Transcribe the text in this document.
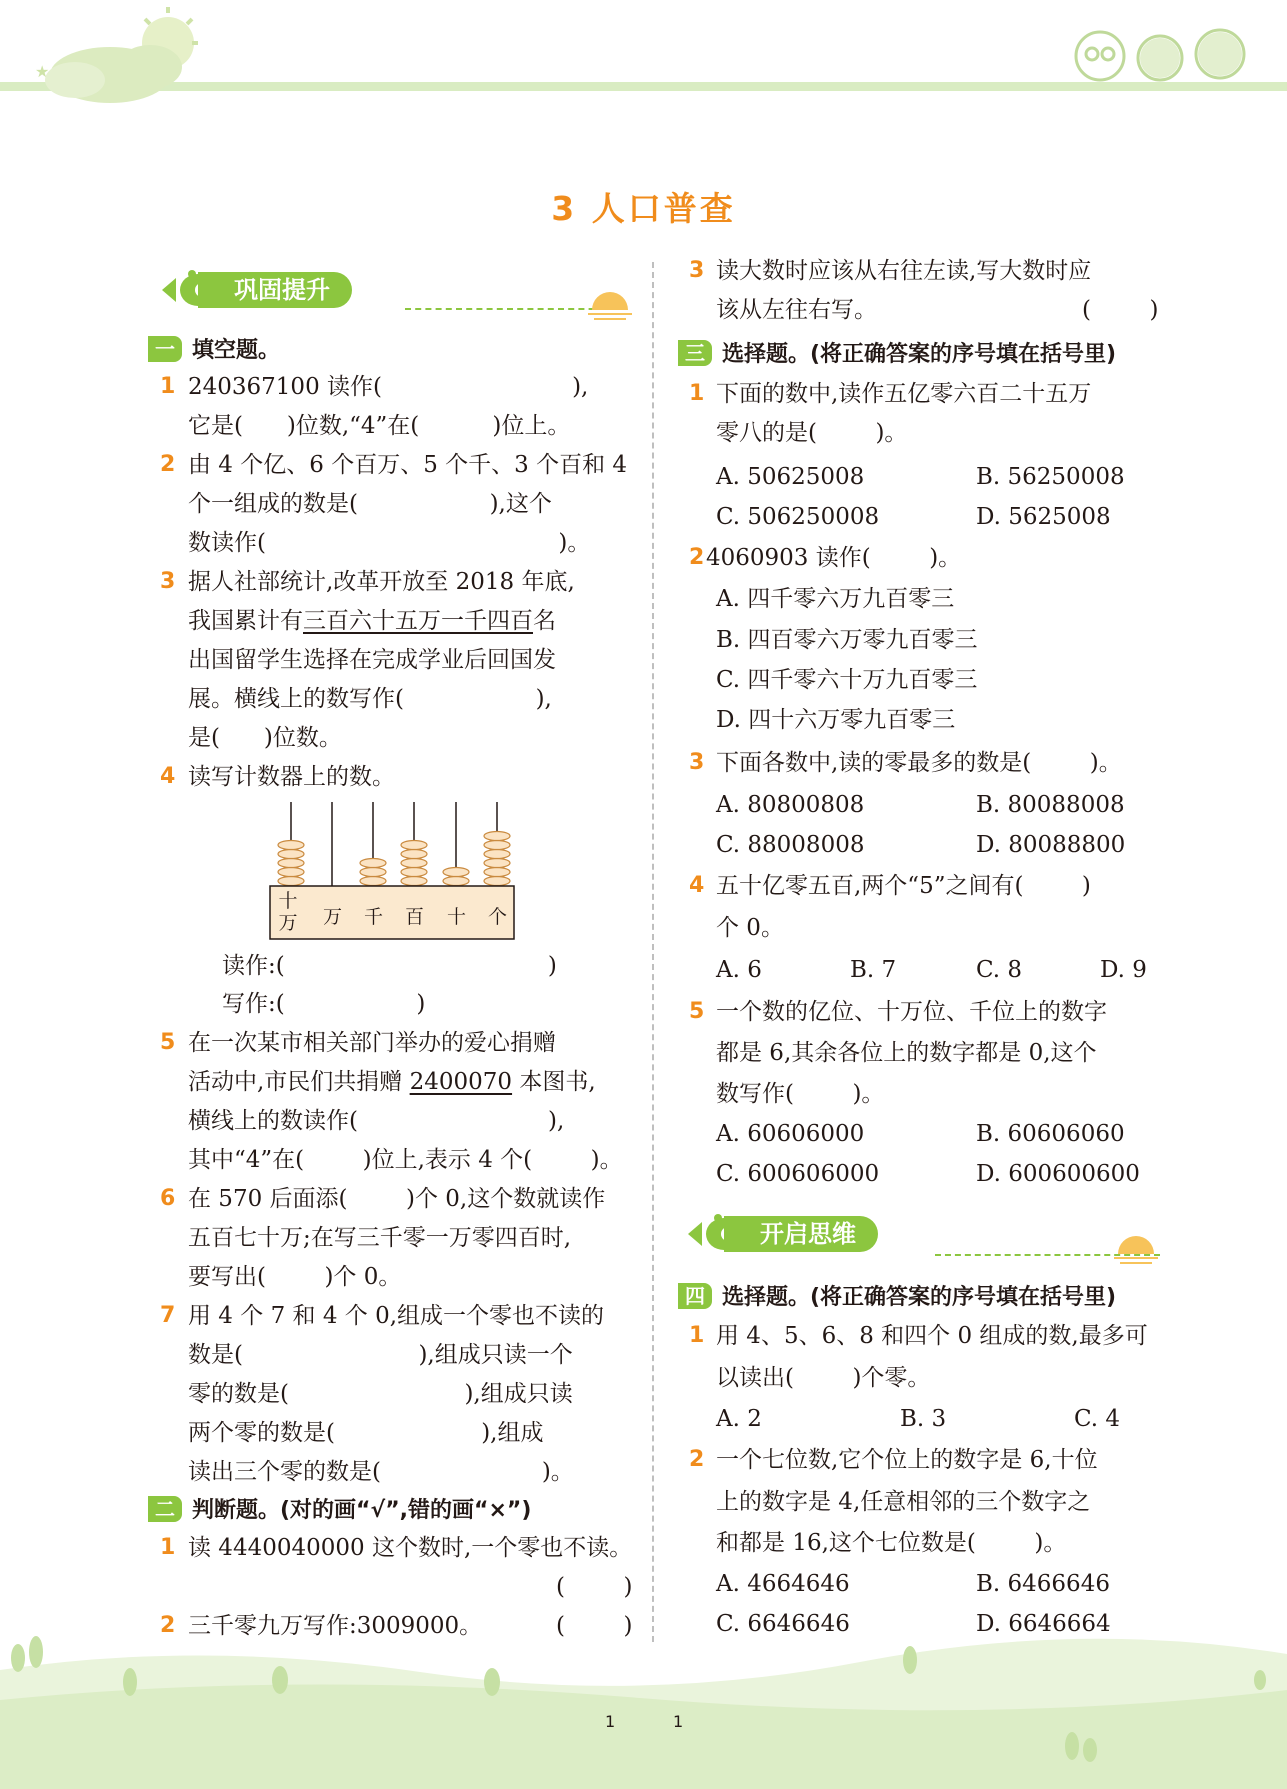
★
3 人口普查
巩固提升
一 填空题。
1 240367100 读作(                          ),
它是(      )位数,“4”在(          )位上。
2 由 4 个亿、6 个百万、5 个千、3 个百和 4
个一组成的数是(                  ),这个
数读作(                                        )。
3 据人社部统计,改革开放至 2018 年底,
我国累计有三百六十五万一千四百名
出国留学生选择在完成学业后回国发
展。横线上的数写作(                  ),
是(      )位数。
4 读写计数器上的数。
十
万 万 千 百 十 个
读作:(                                    )
写作:(                  )
5 在一次某市相关部门举办的爱心捐赠
活动中,市民们共捐赠 2400070 本图书,
横线上的数读作(                          ),
其中“4”在(        )位上,表示 4 个(        )。
6 在 570 后面添(        )个 0,这个数就读作
五百七十万;在写三千零一万零四百时,
要写出(        )个 0。
7 用 4 个 7 和 4 个 0,组成一个零也不读的
数是(                        ),组成只读一个
零的数是(                        ),组成只读
两个零的数是(                    ),组成
读出三个零的数是(                      )。
二 判断题。(对的画“√”,错的画“×”)
1 读 4440040000 这个数时,一个零也不读。
(        )
2 三千零九万写作:3009000。	(        )
3 读大数时应该从右往左读,写大数时应
该从左往右写。	(        )
三 选择题。(将正确答案的序号填在括号里)
1 下面的数中,读作五亿零六百二十五万
零八的是(        )。
A. 50625008	B. 56250008
C. 506250008	D. 5625008
2 4060903 读作(        )。
A. 四千零六万九百零三
B. 四百零六万零九百零三
C. 四千零六十万九百零三
D. 四十六万零九百零三
3 下面各数中,读的零最多的数是(        )。
A. 80800808	B. 80088008
C. 88008008	D. 80088800
4 五十亿零五百,两个“5”之间有(        )
个 0。
A. 6	B. 7	C. 8	D. 9
5 一个数的亿位、十万位、千位上的数字
都是 6,其余各位上的数字都是 0,这个
数写作(        )。
A. 60606000	B. 60606060
C. 600606000	D. 600600600
开启思维
四 选择题。(将正确答案的序号填在括号里)
1 用 4、5、6、8 和四个 0 组成的数,最多可
以读出(        )个零。
A. 2	B. 3	C. 4
2 一个七位数,它个位上的数字是 6,十位
上的数字是 4,任意相邻的三个数字之
和都是 16,这个七位数是(        )。
A. 4664646	B. 6466646
C. 6646646	D. 6646664
1	1
